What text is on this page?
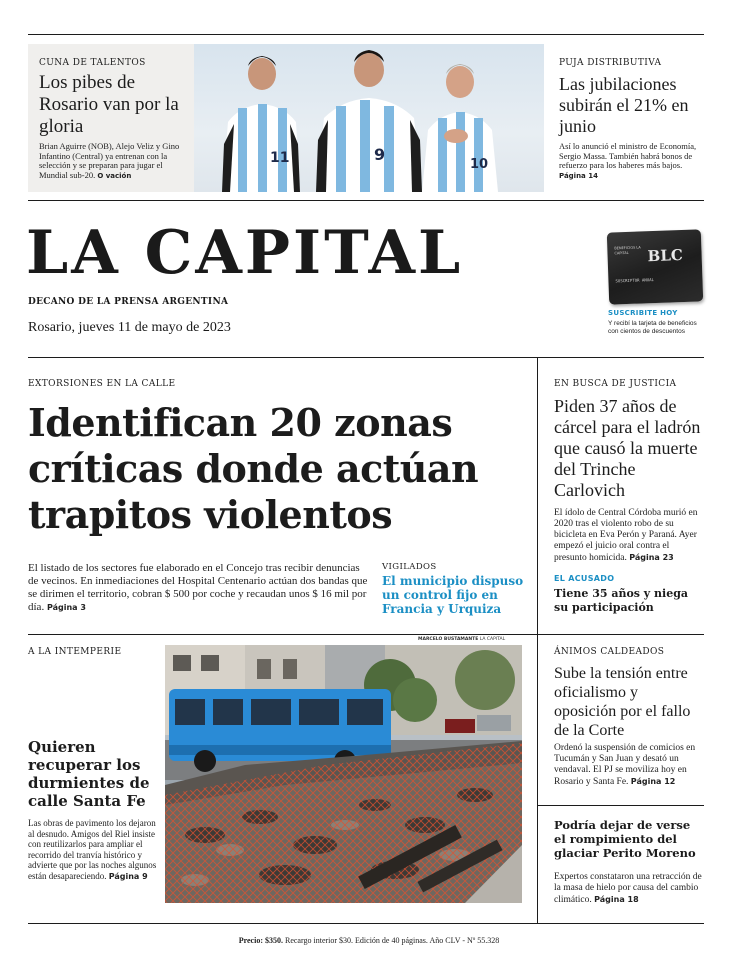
CUNA DE TALENTOS
Los pibes de Rosario van por la gloria
Brian Aguirre (NOB), Alejo Veliz y Gino Infantino (Central) ya entrenan con la selección y se preparan para jugar el Mundial sub-20. O vación
11	9
10
PUJA DISTRIBUTIVA
Las jubilaciones subirán el 21% en junio
Así lo anunció el ministro de Economía, Sergio Massa. También habrá bonos de refuerzo para los haberes más bajos. Página 14
LA CAPITAL
DECANO DE LA PRENSA ARGENTINA
Rosario, jueves 11 de mayo de 2023
BENEFICIOS LA CAPITAL	BLC
SUSCRIPTOR ANUAL
SUSCRIBITE HOY
Y recibí la tarjeta de beneficios con cientos de descuentos
EXTORSIONES EN LA CALLE
Identifican 20 zonas críticas donde actúan trapitos violentos
El listado de los sectores fue elaborado en el Concejo tras recibir denuncias de vecinos. En inmediaciones del Hospital Centenario actúan dos bandas que se dirimen el territorio, cobran $ 500 por coche y recaudan unos $ 16 mil por día. Página 3
VIGILADOS
El municipio dispuso un control fijo en Francia y Urquiza
EN BUSCA DE JUSTICIA
Piden 37 años de cárcel para el ladrón que causó la muerte del Trinche Carlovich
El ídolo de Central Córdoba murió en 2020 tras el violento robo de su bicicleta en Eva Perón y Paraná. Ayer empezó el juicio oral contra el presunto homicida. Página 23
EL ACUSADO
Tiene 35 años y niega su participación
A LA INTEMPERIE
Quieren recuperar los durmientes de calle Santa Fe
Las obras de pavimento los dejaron al desnudo. Amigos del Riel insiste con reutilizarlos para ampliar el recorrido del tranvía histórico y advierte que por las noches algunos están desapareciendo. Página 9
MARCELO BUSTAMANTE LA CAPITAL
ÁNIMOS CALDEADOS
Sube la tensión entre oficialismo y oposición por el fallo de la Corte
Ordenó la suspensión de comicios en Tucumán y San Juan y desató un vendaval. El PJ se moviliza hoy en Rosario y Santa Fe. Página 12
Podría dejar de verse el rompimiento del glaciar Perito Moreno
Expertos constataron una retracción de la masa de hielo por causa del cambio climático. Página 18
Precio: $350. Recargo interior $30. Edición de 40 páginas. Año CLV - Nº 55.328
